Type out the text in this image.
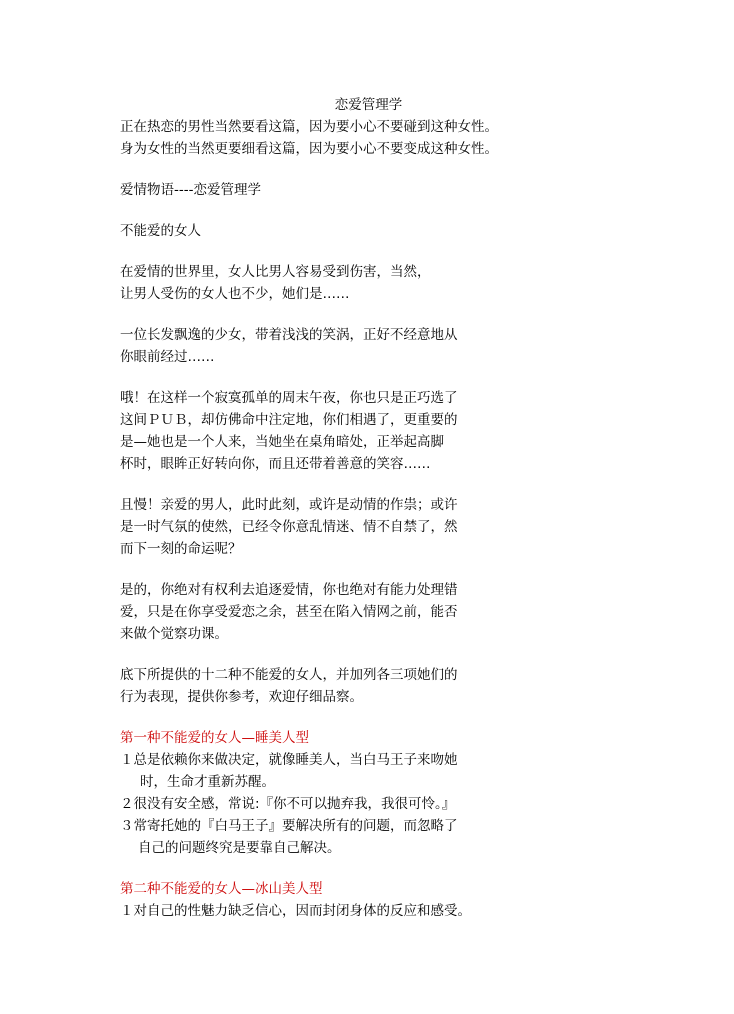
恋爱管理学
正在热恋的男性当然要看这篇，因为要小心不要碰到这种女性。
身为女性的当然更要细看这篇，因为要小心不要变成这种女性。
爱情物语----恋爱管理学
不能爱的女人
在爱情的世界里，女人比男人容易受到伤害，当然，
让男人受伤的女人也不少，她们是……
一位长发飘逸的少女，带着浅浅的笑涡，正好不经意地从
你眼前经过……
哦！在这样一个寂寞孤单的周末午夜，你也只是正巧选了
这间ＰＵＢ，却仿佛命中注定地，你们相遇了，更重要的
是—她也是一个人来，当她坐在桌角暗处，正举起高脚
杯时，眼眸正好转向你，而且还带着善意的笑容……
且慢！亲爱的男人，此时此刻，或许是动情的作祟；或许
是一时气氛的使然，已经令你意乱情迷、情不自禁了，然
而下一刻的命运呢？
是的，你绝对有权利去追逐爱情，你也绝对有能力处理错
爱，只是在你享受爱恋之余，甚至在陷入情网之前，能否
来做个觉察功课。
底下所提供的十二种不能爱的女人，并加列各三项她们的
行为表现，提供你参考，欢迎仔细品察。
第一种不能爱的女人—睡美人型
１总是依赖你来做决定，就像睡美人，当白马王子来吻她
时，生命才重新苏醒。
２很没有安全感，常说:『你不可以抛弃我，我很可怜。』
３常寄托她的『白马王子』要解决所有的问题，而忽略了
自己的问题终究是要靠自己解决。
第二种不能爱的女人—冰山美人型
１对自己的性魅力缺乏信心，因而封闭身体的反应和感受。
